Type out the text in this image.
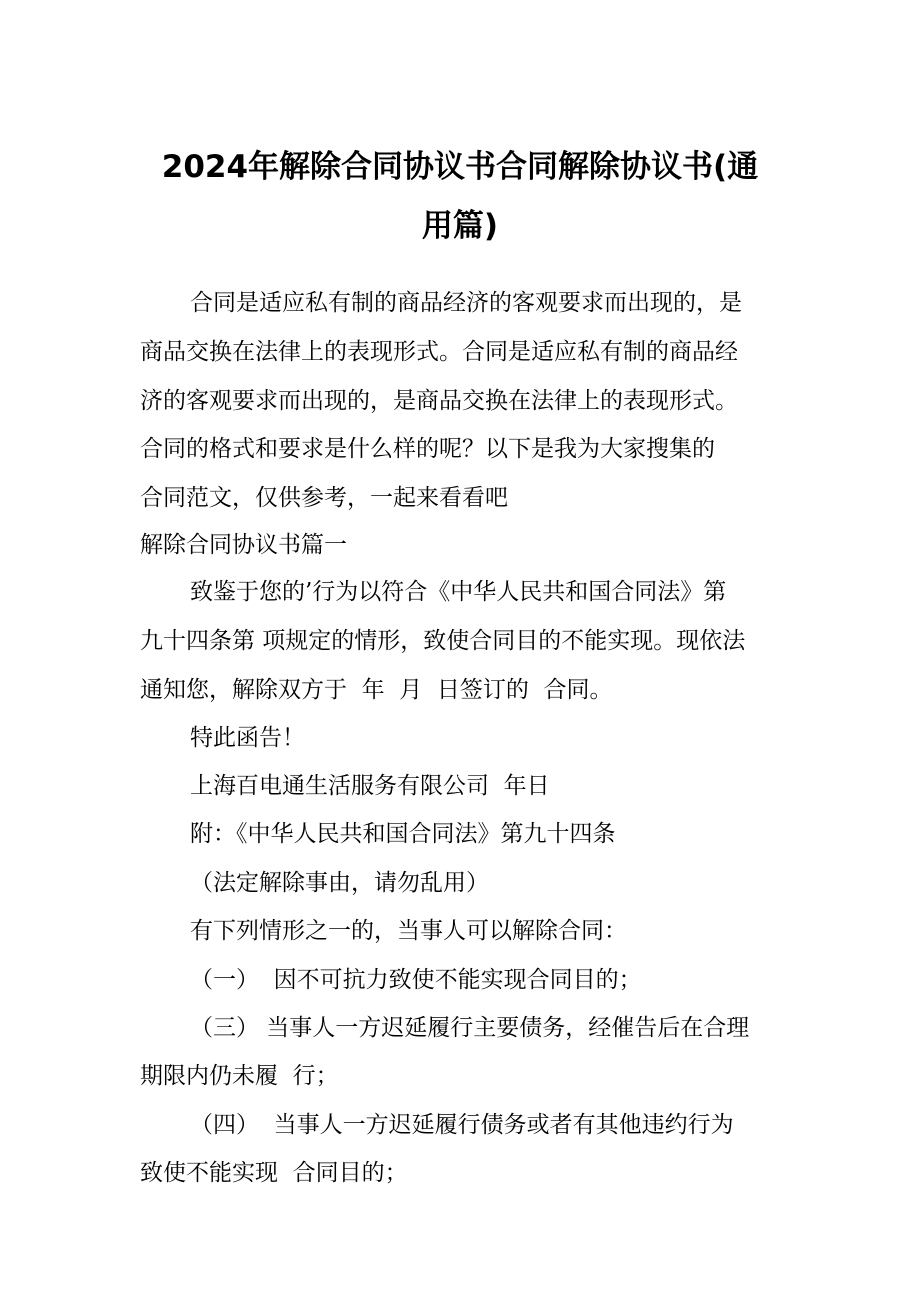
2024年解除合同协议书合同解除协议书(通
用篇)

合同是适应私有制的商品经济的客观要求而出现的，是

商品交换在法律上的表现形式。合同是适应私有制的商品经

济的客观要求而出现的，是商品交换在法律上的表现形式。

合同的格式和要求是什么样的呢？以下是我为大家搜集的

合同范文，仅供参考，一起来看看吧

解除合同协议书篇一

致鉴于您的’行为以符合《中华人民共和国合同法》第

九十四条第 项规定的情形，致使合同目的不能实现。现依法

通知您，解除双方于  年  月  日签订的  合同。

特此函告！

上海百电通生活服务有限公司  年日

附：《中华人民共和国合同法》第九十四条

（法定解除事由，请勿乱用）

有下列情形之一的，当事人可以解除合同：

（一）  因不可抗力致使不能实现合同目的；

（三） 当事人一方迟延履行主要债务，经催告后在合理

期限内仍未履  行；

（四）  当事人一方迟延履行债务或者有其他违约行为

致使不能实现  合同目的；
